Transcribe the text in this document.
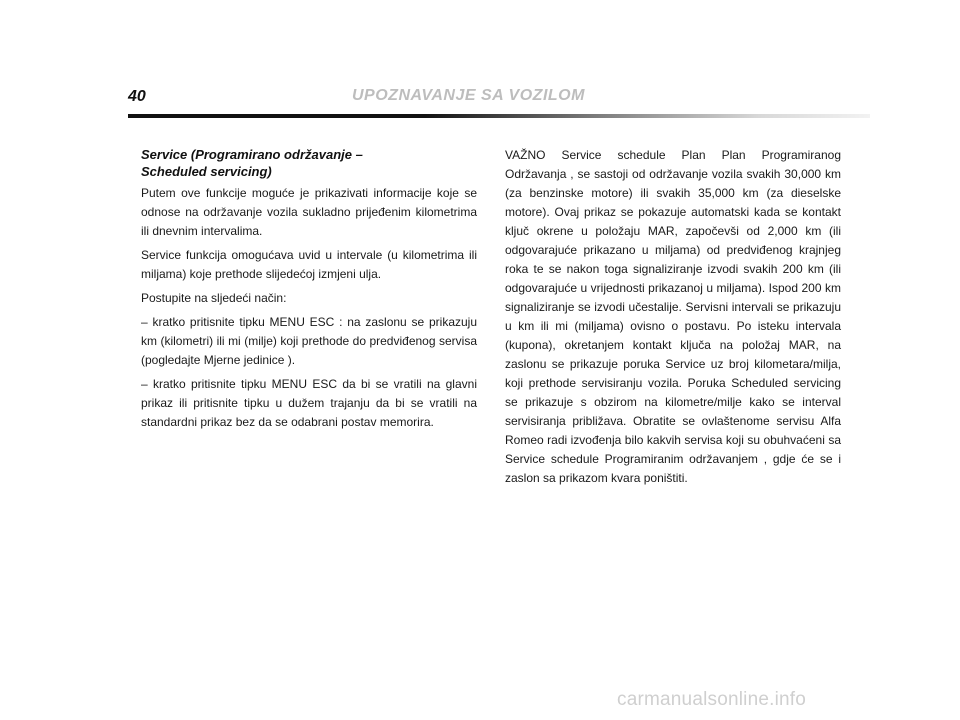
40	UPOZNAVANJE SA VOZILOM
Service (Programirano održavanje –
Scheduled servicing)

Putem ove funkcije moguće je prikazivati informacije koje se odnose na održavanje vozila sukladno prijeđenim kilometrima ili dnevnim intervalima.

Service funkcija omogućava uvid u intervale (u kilometrima ili miljama) koje prethode slijedećoj izmjeni ulja.

Postupite na sljedeći način:

– kratko pritisnite tipku MENU ESC : na zaslonu se prikazuju km (kilometri) ili mi (milje) koji prethode do predviđenog servisa (pogledajte Mjerne jedinice ).

– kratko pritisnite tipku MENU ESC da bi se vratili na glavni prikaz ili pritisnite tipku u dužem trajanju da bi se vratili na standardni prikaz bez da se odabrani postav memorira.

VAŽNO Service schedule Plan Plan Programiranog Održavanja , se sastoji od održavanje vozila svakih 30,000 km (za benzinske motore) ili svakih 35,000 km (za dieselske motore). Ovaj prikaz se pokazuje automatski kada se kontakt ključ okrene u položaju MAR, započevši od 2,000 km (ili odgovarajuće prikazano u miljama) od predviđenog krajnjeg roka te se nakon toga signaliziranje izvodi svakih 200 km (ili odgovarajuće u vrijednosti prikazanoj u miljama). Ispod 200 km signaliziranje se izvodi učestalije. Servisni intervali se prikazuju u km ili mi (miljama) ovisno o postavu. Po isteku intervala (kupona), okretanjem kontakt ključa na položaj MAR, na zaslonu se prikazuje poruka Service uz broj kilometara/milja, koji prethode servisiranju vozila. Poruka Scheduled servicing se prikazuje s obzirom na kilometre/milje kako se interval servisiranja približava. Obratite se ovlaštenome servisu Alfa Romeo radi izvođenja bilo kakvih servisa koji su obuhvaćeni sa Service schedule Programiranim održavanjem , gdje će se i zaslon sa prikazom kvara poništiti.

carmanualsonline.info
